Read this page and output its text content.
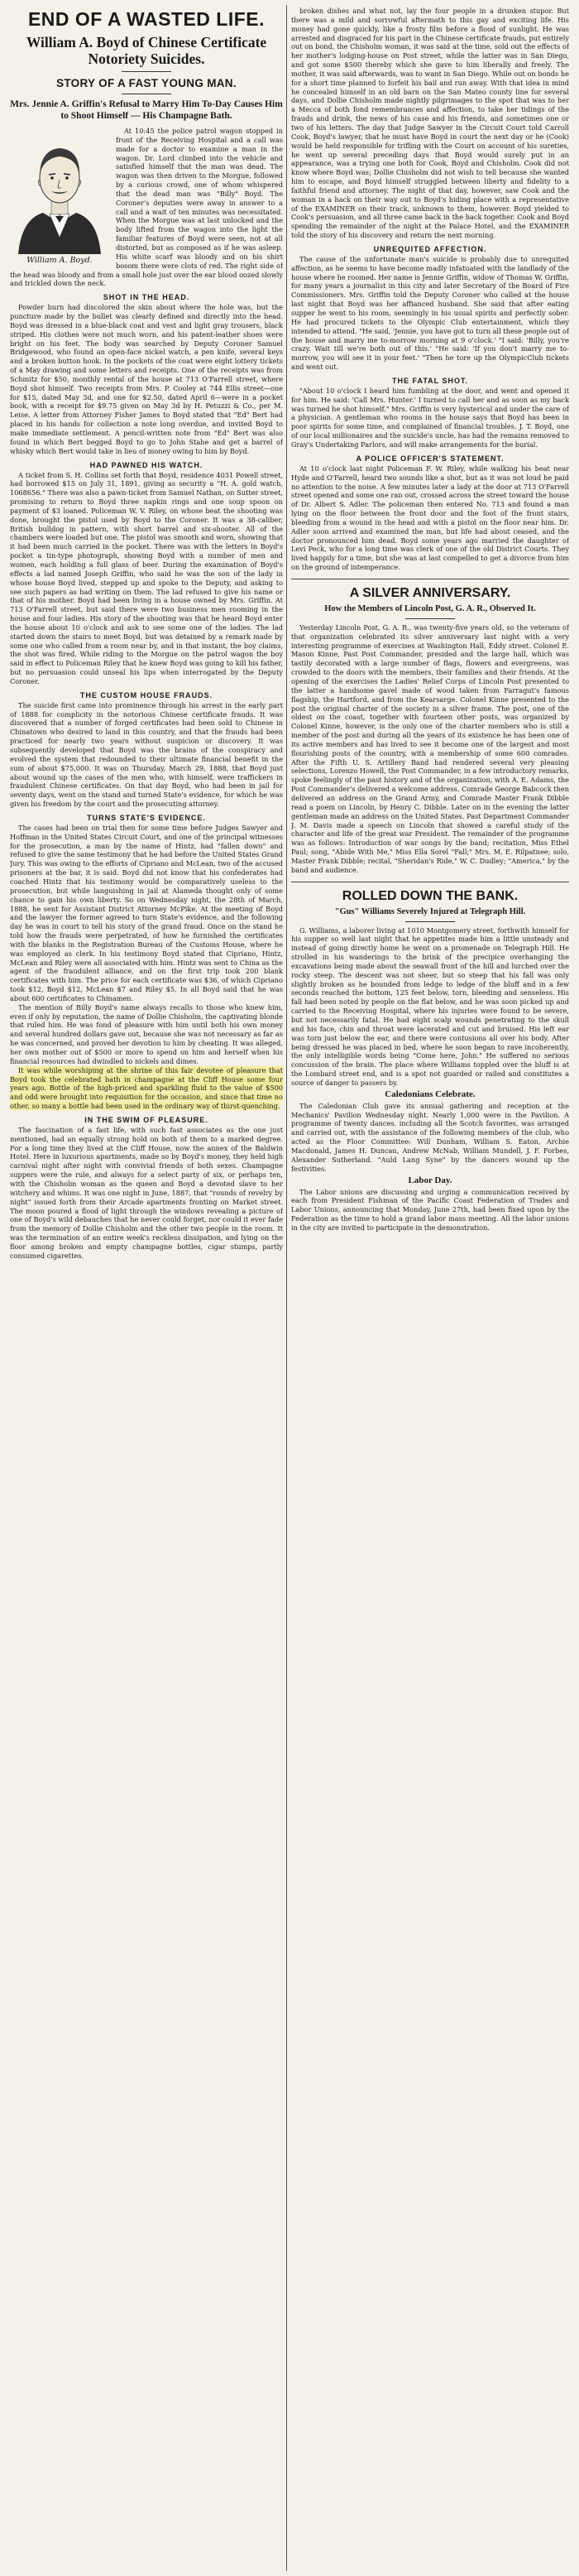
END OF A WASTED LIFE.
William A. Boyd of Chinese Certificate Notoriety Suicides.
STORY OF A FAST YOUNG MAN.
Mrs. Jennie A. Griffin's Refusal to Marry Him To-Day Causes Him to Shoot Himself — His Champagne Bath.
William A. Boyd.

At 10:45 the police patrol wagon stopped in front of the Receiving Hospital and a call was made for a doctor to examine a man in the wagon. Dr. Lord climbed into the vehicle and satisfied himself that the man was dead. The wagon was then driven to the Morgue, followed by a curious crowd, one of whom whispered that the dead man was "Billy" Boyd. The Coroner's deputies were away in answer to a call and a wait of ten minutes was necessitated. When the Morgue was at last unlocked and the body lifted from the wagon into the light the familiar features of Boyd were seen, not at all distorted, but as composed as if he was asleep. His white scarf was bloody and on his shirt bosom there were clots of red. The right side of the head was bloody and from a small hole just over the ear blood oozed slowly and trickled down the neck.

SHOT IN THE HEAD.

Powder burn had discolored the skin about where the hole was, but the puncture made by the bullet was clearly defined and directly into the head. Boyd was dressed in a blue-black coat and vest and light gray trousers, black striped. His clothes were not much worn, and his patent-leather shoes were bright on his feet. The body was searched by Deputy Coroner Samuel Bridgewood, who found an open-face nickel watch, a pen knife, several keys and a broken button hook. In the pockets of the coat were eight lottery tickets of a May drawing and some letters and receipts. One of the receipts was from Schmitz for $50, monthly rental of the house at 713 O'Farrell street, where Boyd shot himself. Two receipts from Mrs. P. Cooley at 744 Ellis street—one for $15, dated May 3d, and one for $2.50, dated April 6—were in a pocket book, with a receipt for $9.75 given on May 3d by H. Petuzzi & Co., per M. Leise. A letter from Attorney Fisher James to Boyd stated that "Ed" Bert had placed in his hands for collection a note long overdue, and invited Boyd to make immediate settlement. A pencil-written note from "Ed" Bert was also found in which Bert begged Boyd to go to John Stahe and get a barrel of whisky which Bert would take in lieu of money owing to him by Boyd.

HAD PAWNED HIS WATCH.

A ticket from S. H. Collins set forth that Boyd, residence 4031 Powell street, had borrowed $15 on July 31, 1891, giving as security a "H. A. gold watch, 1068656." There was also a pawn-ticket from Samuel Nathan, on Sutter street, promising to return to Boyd three napkin rings and one soup spoon on payment of $3 loaned. Policeman W. V. Riley, on whose beat the shooting was done, brought the pistol used by Boyd to the Coroner. It was a 38-caliber, British bulldog in pattern, with short barrel and six-shooter. All of the chambers were loaded but one. The pistol was smooth and worn, showing that it had been much carried in the pocket. There was with the letters in Boyd's pocket a tin-type photograph, showing Boyd with a number of men and women, each holding a full glass of beer. During the examination of Boyd's effects a lad named Joseph Griffin, who said he was the son of the lady in whose house Boyd lived, stepped up and spoke to the Deputy, and asking to see such papers as had writing on them. The lad refused to give his name or that of his mother. Boyd had been living in a house owned by Mrs. Griffin. At 713 O'Farrell street, but said there were two business men rooming in the house and four ladies. His story of the shooting was that he heard Boyd enter the house about 10 o'clock and ask to see some one of the ladies. The lad started down the stairs to meet Boyd, but was detained by a remark made by some one who called from a room near by, and in that instant, the boy claims, the shot was fired. While riding to the Morgue on the patrol wagon the boy said in effect to Policeman Riley that he knew Boyd was going to kill his father, but no persuasion could unseal his lips when interrogated by the Deputy Coroner.

THE CUSTOM HOUSE FRAUDS.

The suicide first came into prominence through his arrest in the early part of 1888 for complicity in the notorious Chinese certificate frauds. It was discovered that a number of forged certificates had been sold to Chinese in Chinatown who desired to land in this country, and that the frauds had been practiced for nearly two years without suspicion or discovery. It was subsequently developed that Boyd was the brains of the conspiracy and evolved the system that redounded to their ultimate financial benefit in the sum of about $75,000. It was on Thursday, March 29, 1888, that Boyd just about wound up the cases of the men who, with himself, were traffickers in fraudulent Chinese certificates. On that day Boyd, who had been in jail for seventy days, went on the stand and turned State's evidence, for which he was given his freedom by the court and the prosecuting attorney.

TURNS STATE'S EVIDENCE.

The cases had been on trial then for some time before Judges Sawyer and Hoffman in the United States Circuit Court, and one of the principal witnesses for the prosecution, a man by the name of Hintz, had "fallen down" and refused to give the same testimony that he had before the United States Grand Jury. This was owing to the efforts of Cipriano and McLean, two of the accused prisoners at the bar, it is said. Boyd did not know that his confederates had coached Hintz that his testimony would be comparatively useless to the prosecution, but while languishing in jail at Alameda thought only of some chance to gain his own liberty. So on Wednesday night, the 28th of March, 1888, he sent for Assistant District Attorney McPike. At the meeting of Boyd and the lawyer the former agreed to turn State's evidence, and the following day he was in court to tell his story of the grand fraud. Once on the stand he told how the frauds were perpetrated, of how he furnished the certificates with the blanks in the Registration Bureau of the Customs House, where he was employed as clerk. In his testimony Boyd stated that Cipriano, Hintz, McLean and Riley were all associated with him. Hintz was sent to China as the agent of the fraudulent alliance, and on the first trip took 200 blank certificates with him. The price for each certificate was $36, of which Cipriano took $12, Boyd $12, McLean $7 and Riley $5. In all Boyd said that he was about 600 certificates to Chinamen.

The mention of Billy Boyd's name always recalls to those who knew him, even if only by reputation, the name of Dollie Chisholm, the captivating blonde that ruled him. He was fond of pleasure with him until both his own money and several hundred dollars gave out, because she was not necessary as far as he was concerned, and proved her devotion to him by cheating. It was alleged, her own mother out of $500 or more to spend on him and herself when his financial resources had dwindled to nickels and dimes.

It was while worshiping at the shrine of this fair devotee of pleasure that Boyd took the celebrated bath in champagne at the Cliff House some four years ago. Bottle of the high-priced and sparkling fluid to the value of $500 and odd were brought into requisition for the occasion, and since that time no other, so many a bottle had been used in the ordinary way of thirst-quenching.

IN THE SWIM OF PLEASURE.

The fascination of a fast life, with such fast associates as the one just mentioned, had an equally strong hold on both of them to a marked degree. For a long time they lived at the Cliff House, now the annex of the Baldwin Hotel. Here in luxurious apartments, made so by Boyd's money, they held high carnival night after night with convivial friends of both sexes. Champagne suppers were the rule, and always for a select party of six, or perhaps ten, with the Chisholm woman as the queen and Boyd a devoted slave to her witchery and whims. It was one night in June, 1887, that "rounds of revelry by night" issued forth from their Arcade apartments fronting on Market street. The moon poured a flood of light through the windows revealing a picture of one of Boyd's wild debauches that he never could forget, nor could it ever fade from the memory of Dollie Chisholm and the other two people in the room. It was the termination of an entire week's reckless dissipation, and lying on the floor among broken and empty champagne bottles, cigar stumps, partly consumed cigarettes.

broken dishes and what not, lay the four people in a drunken stupor. But there was a mild and sorrowful aftermath to this gay and exciting life. His money had gone quickly, like a frosty film before a flood of sunlight. He was arrested and disgraced for his part in the Chinese certificate frauds, put entirely out on bond, the Chisholm woman, it was said at the time, sold out the effects of her mother's lodging-house on Post street, while the latter was in San Diego, and got some $500 thereby which she gave to him liberally and freely. The mother, it was said afterwards, was to want in San Diego. While out on bonds he for a short time planned to forfeit his bail and run away. With that idea in mind he concealed himself in an old barn on the San Mateo county line for several days, and Dollie Chisholm made nightly pilgrimages to the spot that was to her a Mecca of both fond remembrances and affection, to take her tidings of the frauds and drink, the news of his case and his friends, and sometimes one or two of his letters. The day that Judge Sawyer in the Circuit Court told Carroll Cook, Boyd's lawyer, that he must have Boyd in court the next day or he (Cook) would be held responsible for trifling with the Court on account of his sureties, he went up several preceding days that Boyd would surely put in an appearance, was a trying one both for Cook, Boyd and Chisholm. Cook did not know where Boyd was; Dollie Chisholm did not wish to tell because she wanted him to escape, and Boyd himself struggled between liberty and fidelity to a faithful friend and attorney. The night of that day, however, saw Cook and the woman in a hack on their way out to Boyd's hiding place with a representative of the EXAMINER on their track, unknown to them, however. Boyd yielded to Cook's persuasion, and all three came back in the hack together. Cook and Boyd spending the remainder of the night at the Palace Hotel, and the EXAMINER told the story of his discovery and return the next morning.

UNREQUITED AFFECTION.

The cause of the unfortunate man's suicide is probably due to unrequited affection, as he seems to have become madly infatuated with the landlady of the house where he roomed. Her name is Jennie Griffin, widow of Thomas W. Griffin, for many years a journalist in this city and later Secretary of the Board of Fire Commissioners. Mrs. Griffin told the Deputy Coroner who called at the house last night that Boyd was her affianced husband. She said that after eating supper he went to his room, seemingly in his usual spirits and perfectly sober. He had procured tickets to the Olympic Club entertainment, which they intended to attend. "He said, 'Jennie, you have got to turn all these people out of the house and marry me to-morrow morning at 9 o'clock.' "I said: 'Billy, you're crazy. Wait till we're both out of this.' "He said: 'If you don't marry me to-morrow, you will see it in your feet.' "Then he tore up the OlympicClub tickets and went out.

THE FATAL SHOT.

"About 10 o'clock I heard him fumbling at the door, and went and opened it for him. He said: 'Call Mrs. Hunter.' I turned to call her and as soon as my back was turned he shot himself." Mrs. Griffin is very hysterical and under the care of a physician. A gentleman who rooms in the house says that Boyd has been in poor spirits for some time, and complained of financial troubles. J. T. Boyd, one of our local millionaires and the suicide's uncle, has had the remains removed to Gray's Undertaking Parlors, and will make arrangements for the burial.

A POLICE OFFICER'S STATEMENT.

At 10 o'clock last night Policeman F. W. Riley, while walking his beat near Hyde and O'Farrell, heard two sounds like a shot, but as it was not loud he paid no attention to the noise. A few minutes later a lady at the door at 713 O'Farrell street opened and some one ran out, crossed across the street toward the house of Dr. Albert S. Adler. The policeman then entered No. 713 and found a man lying on the floor between the front door and the foot of the front stairs, bleeding from a wound in the head and with a pistol on the floor near him. Dr. Adler soon arrived and examined the man, but life had about ceased, and the doctor pronounced him dead. Boyd some years ago married the daughter of Levi Peck, who for a long time was clerk of one of the old District Courts. They lived happily for a time, but she was at last compelled to get a divorce from him on the ground of intemperance.

A SILVER ANNIVERSARY.
How the Members of Lincoln Post, G. A. R., Observed It.

Yesterday Lincoln Post, G. A. R., was twenty-five years old, so the veterans of that organization celebrated its silver anniversary last night with a very interesting programme of exercises at Washington Hall, Eddy street. Colonel E. Mason Kinne, Past Post Commander, presided and the large hall, which was tastily decorated with a large number of flags, flowers and evergreens, was crowded to the doors with the members, their families and their friends. At the opening of the exercises the Ladies' Relief Corps of Lincoln Post presented to the latter a handsome gavel made of wood taken from Farragut's famous flagship, the Hartford, and from the Kearsarge. Colonel Kinne presented to the post the original charter of the society in a silver frame. The post, one of the oldest on the coast, together with fourteen other posts, was organized by Colonel Kinne, however, is the only one of the charter members who is still a member of the post and during all the years of its existence he has been one of its active members and has lived to see it become one of the largest and most flourishing posts of the country, with a membership of some 600 comrades. After the Fifth U. S. Artillery Band had rendered several very pleasing selections, Lorenzo Howell, the Post Commander, in a few introductory remarks, spoke feelingly of the past history and of the organization, with A. E. Adams, the Post Commander's delivered a welcome address. Comrade George Babcock then delivered an address on the Grand Army, and Comrade Master Frank Dibble read a poem on Lincoln, by Henry C. Dibble. Later on in the evening the latter gentleman made an address on the United States. Past Department Commander J. M. Davis made a speech on Lincoln that showed a careful study of the character and life of the great war President. The remainder of the programme was as follows: Introduction of war songs by the band; recitation, Miss Ethel Paul; song, "Abide With Me," Miss Ella Sorel "Fall;" Mrs. M. E. Rilpatnee; solo, Master Frank Dibble; recital, "Sheridan's Ride," W. C. Dudley; "America," by the band and audience.

ROLLED DOWN THE BANK.
"Gus" Williams Severely Injured at Telegraph Hill.

G. Williams, a laborer living at 1010 Montgomery street, forthwith himself for his supper so well last night that he appetites made him a little unsteady and instead of going directly home he went on a promenade on Telegraph Hill. He strolled in his wanderings to the brink of the precipice overhanging the excavations being made about the seawall front of the hill and lurched over the rocky steep. The descent was not sheer, but so steep that his fall was only slightly broken as he bounded from ledge to ledge of the bluff and in a few seconds reached the bottom, 125 feet below, torn, bleeding and senseless. His fall had been noted by people on the flat below, and he was soon picked up and carried to the Receiving Hospital, where his injuries were found to be severe, but not necessarily fatal. He had eight scalp wounds penetrating to the skull and his face, chin and throat were lacerated and cut and bruised. His left ear was torn just below the ear, and there were contusions all over his body. After being dressed he was placed in bed, where he soon began to rave incoherently, the only intelligible words being "Come here, John." He suffered no serious concussion of the brain. The place where Williams toppled over the bluff is at the Lombard street end, and is a spot not guarded or railed and constitutes a source of danger to passers by.

Caledonians Celebrate.

The Caledonian Club gave its annual gathering and reception at the Mechanics' Pavilion Wednesday night. Nearly 1,000 were in the Pavilion. A programme of twenty dances, including all the Scotch favorites, was arranged and carried out, with the assistance of the following members of the club, who acted as the Floor Committee: Will Dunham, William S. Eaton, Archie Macdonald, James H. Duncan, Andrew McNab, William Mundell, J. F. Forbes, Alexander Sutherland. "Auld Lang Syne" by the dancers wound up the festivities.

Labor Day.

The Labor unions are discussing and urging a communication received by each from President Fishman of the Pacific Coast Federation of Trades and Labor Unions, announcing that Monday, June 27th, had been fixed upon by the Federation as the time to hold a grand labor mass meeting. All the labor unions in the city are invited to participate in the demonstration.
